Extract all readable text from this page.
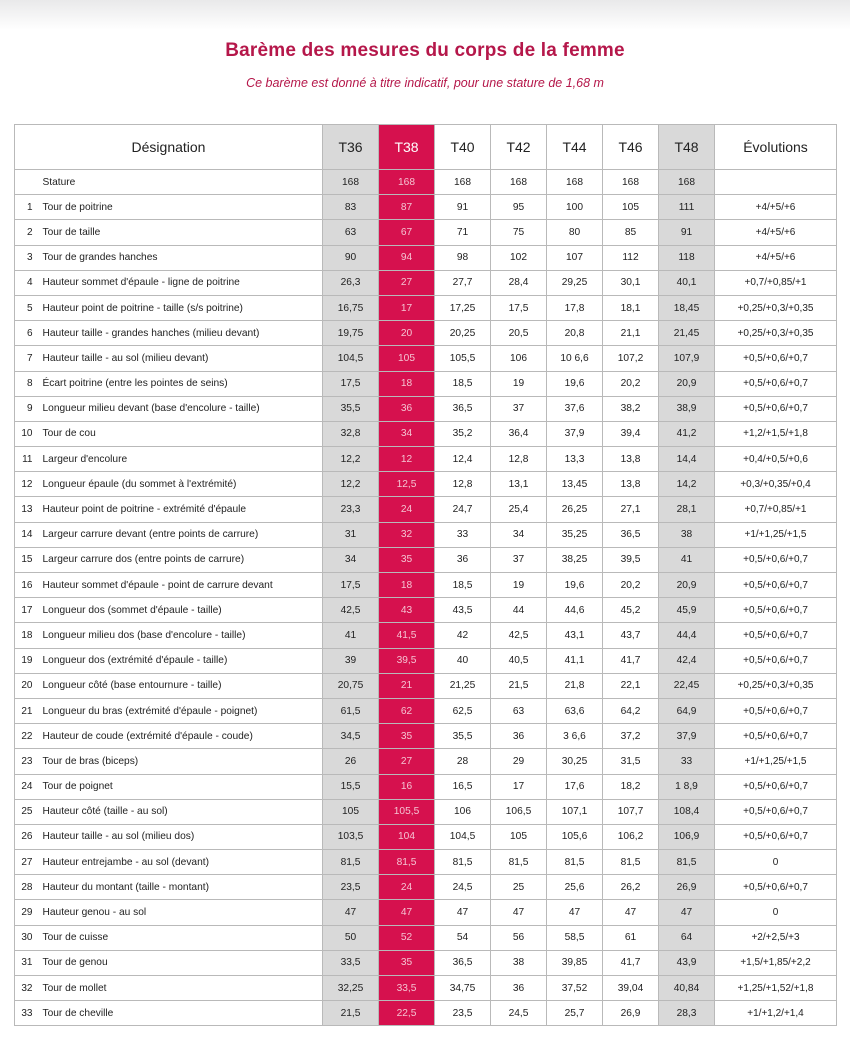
Barème des mesures du corps de la femme
Ce barème est donné à titre indicatif, pour une stature de 1,68 m
Désignation		T36	T38	T40	T42	T44	T46	T48	Évolutions
	Stature	168	168	168	168	168	168	168	
1	Tour de poitrine	83	87	91	95	100	105	111	+4/+5/+6
2	Tour de taille	63	67	71	75	80	85	91	+4/+5/+6
3	Tour de grandes hanches	90	94	98	102	107	112	118	+4/+5/+6
4	Hauteur sommet d'épaule - ligne de poitrine	26,3	27	27,7	28,4	29,25	30,1	40,1	+0,7/+0,85/+1
5	Hauteur point de poitrine - taille (s/s poitrine)	16,75	17	17,25	17,5	17,8	18,1	18,45	+0,25/+0,3/+0,35
6	Hauteur taille - grandes hanches (milieu devant)	19,75	20	20,25	20,5	20,8	21,1	21,45	+0,25/+0,3/+0,35
7	Hauteur taille - au sol (milieu devant)	104,5	105	105,5	106	10 6,6	107,2	107,9	+0,5/+0,6/+0,7
8	Écart poitrine (entre les pointes de seins)	17,5	18	18,5	19	19,6	20,2	20,9	+0,5/+0,6/+0,7
9	Longueur milieu devant (base d'encolure - taille)	35,5	36	36,5	37	37,6	38,2	38,9	+0,5/+0,6/+0,7
10	Tour de cou	32,8	34	35,2	36,4	37,9	39,4	41,2	+1,2/+1,5/+1,8
11	Largeur d'encolure	12,2	12	12,4	12,8	13,3	13,8	14,4	+0,4/+0,5/+0,6
12	Longueur épaule (du sommet à l'extrémité)	12,2	12,5	12,8	13,1	13,45	13,8	14,2	+0,3/+0,35/+0,4
13	Hauteur point de poitrine - extrémité d'épaule	23,3	24	24,7	25,4	26,25	27,1	28,1	+0,7/+0,85/+1
14	Largeur carrure devant (entre points de carrure)	31	32	33	34	35,25	36,5	38	+1/+1,25/+1,5
15	Largeur carrure dos (entre points de carrure)	34	35	36	37	38,25	39,5	41	+0,5/+0,6/+0,7
16	Hauteur sommet d'épaule - point de carrure devant	17,5	18	18,5	19	19,6	20,2	20,9	+0,5/+0,6/+0,7
17	Longueur dos (sommet d'épaule - taille)	42,5	43	43,5	44	44,6	45,2	45,9	+0,5/+0,6/+0,7
18	Longueur milieu dos (base d'encolure - taille)	41	41,5	42	42,5	43,1	43,7	44,4	+0,5/+0,6/+0,7
19	Longueur dos (extrémité d'épaule - taille)	39	39,5	40	40,5	41,1	41,7	42,4	+0,5/+0,6/+0,7
20	Longueur côté (base entournure - taille)	20,75	21	21,25	21,5	21,8	22,1	22,45	+0,25/+0,3/+0,35
21	Longueur du bras (extrémité d'épaule - poignet)	61,5	62	62,5	63	63,6	64,2	64,9	+0,5/+0,6/+0,7
22	Hauteur de coude (extrémité d'épaule - coude)	34,5	35	35,5	36	3 6,6	37,2	37,9	+0,5/+0,6/+0,7
23	Tour de bras (biceps)	26	27	28	29	30,25	31,5	33	+1/+1,25/+1,5
24	Tour de poignet	15,5	16	16,5	17	17,6	18,2	1 8,9	+0,5/+0,6/+0,7
25	Hauteur côté (taille - au sol)	105	105,5	106	106,5	107,1	107,7	108,4	+0,5/+0,6/+0,7
26	Hauteur taille - au sol (milieu dos)	103,5	104	104,5	105	105,6	106,2	106,9	+0,5/+0,6/+0,7
27	Hauteur entrejambe - au sol (devant)	81,5	81,5	81,5	81,5	81,5	81,5	81,5	0
28	Hauteur du montant (taille - montant)	23,5	24	24,5	25	25,6	26,2	26,9	+0,5/+0,6/+0,7
29	Hauteur genou - au sol	47	47	47	47	47	47	47	0
30	Tour de cuisse	50	52	54	56	58,5	61	64	+2/+2,5/+3
31	Tour de genou	33,5	35	36,5	38	39,85	41,7	43,9	+1,5/+1,85/+2,2
32	Tour de mollet	32,25	33,5	34,75	36	37,52	39,04	40,84	+1,25/+1,52/+1,8
33	Tour de cheville	21,5	22,5	23,5	24,5	25,7	26,9	28,3	+1/+1,2/+1,4
